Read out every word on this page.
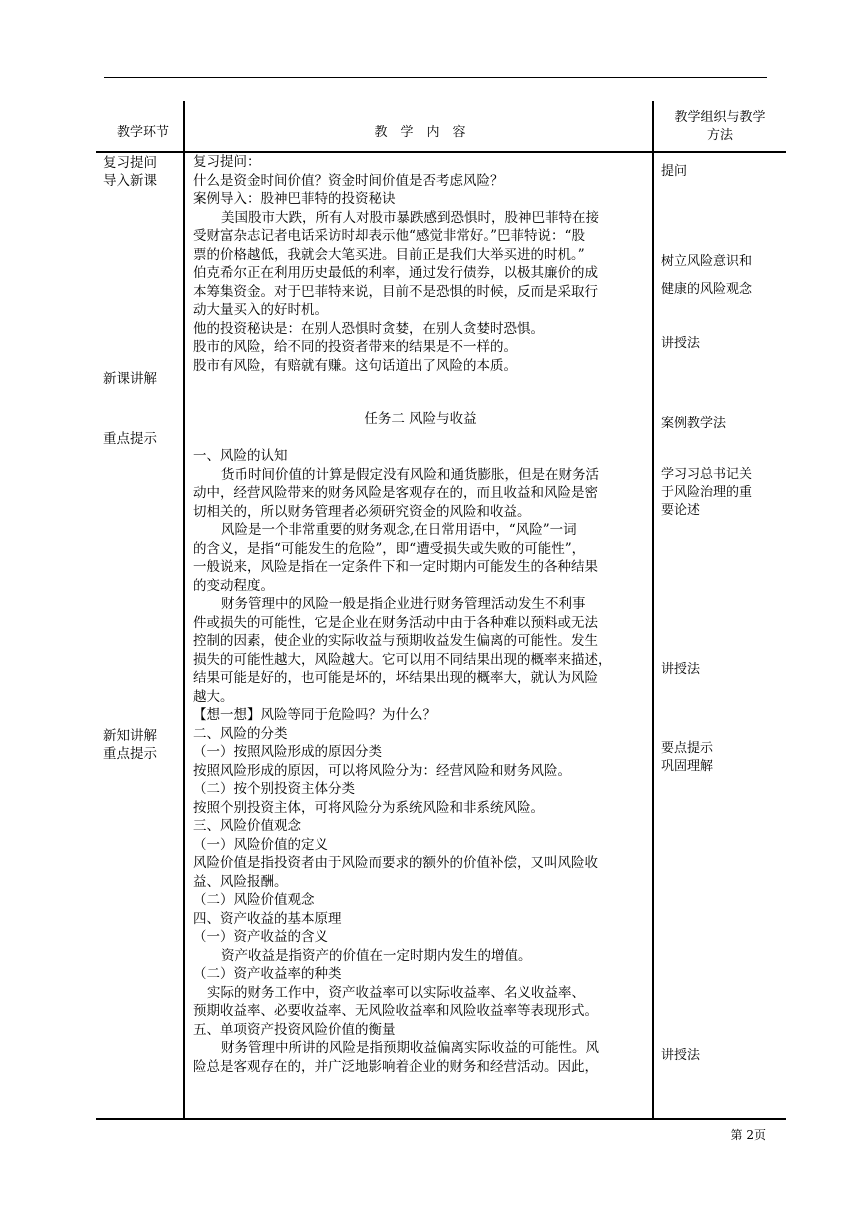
教学环节	教　学　内　容
教学组织与教学
方法
复习提问
导入新课
新课讲解
重点提示
新知讲解
重点提示
提问
树立风险意识和
健康的风险观念
讲授法
案例教学法
学习习总书记关
于风险治理的重
要论述
讲授法
要点提示
巩固理解
讲授法
复习提问：
什么是资金时间价值？资金时间价值是否考虑风险？
案例导入：股神巴菲特的投资秘诀
美国股市大跌，所有人对股市暴跌感到恐惧时，股神巴菲特在接
受财富杂志记者电话采访时却表示他“感觉非常好。”巴菲特说：“股
票的价格越低，我就会大笔买进。目前正是我们大举买进的时机。”
伯克希尔正在利用历史最低的利率，通过发行债券，以极其廉价的成
本筹集资金。对于巴菲特来说，目前不是恐惧的时候，反而是采取行
动大量买入的好时机。
他的投资秘诀是：在别人恐惧时贪婪，在别人贪婪时恐惧。
股市的风险，给不同的投资者带来的结果是不一样的。
股市有风险，有赔就有赚。这句话道出了风险的本质。
任务二 风险与收益
一、风险的认知
货币时间价值的计算是假定没有风险和通货膨胀，但是在财务活
动中，经营风险带来的财务风险是客观存在的，而且收益和风险是密
切相关的，所以财务管理者必须研究资金的风险和收益。
风险是一个非常重要的财务观念,在日常用语中，“风险”一词
的含义，是指“可能发生的危险”，即“遭受损失或失败的可能性”，
一般说来，风险是指在一定条件下和一定时期内可能发生的各种结果
的变动程度。
财务管理中的风险一般是指企业进行财务管理活动发生不利事
件或损失的可能性，它是企业在财务活动中由于各种难以预料或无法
控制的因素，使企业的实际收益与预期收益发生偏离的可能性。发生
损失的可能性越大，风险越大。它可以用不同结果出现的概率来描述，
结果可能是好的，也可能是坏的，坏结果出现的概率大，就认为风险
越大。
【想一想】风险等同于危险吗？为什么？
二、风险的分类
（一）按照风险形成的原因分类
按照风险形成的原因，可以将风险分为：经营风险和财务风险。
（二）按个别投资主体分类
按照个别投资主体，可将风险分为系统风险和非系统风险。
三、风险价值观念
（一）风险价值的定义
风险价值是指投资者由于风险而要求的额外的价值补偿，又叫风险收
益、风险报酬。
（二）风险价值观念
四、资产收益的基本原理
（一）资产收益的含义
资产收益是指资产的价值在一定时期内发生的增值。
（二）资产收益率的种类
实际的财务工作中，资产收益率可以实际收益率、名义收益率、
预期收益率、必要收益率、无风险收益率和风险收益率等表现形式。
五、单项资产投资风险价值的衡量
财务管理中所讲的风险是指预期收益偏离实际收益的可能性。风
险总是客观存在的，并广泛地影响着企业的财务和经营活动。因此，
第 2页
